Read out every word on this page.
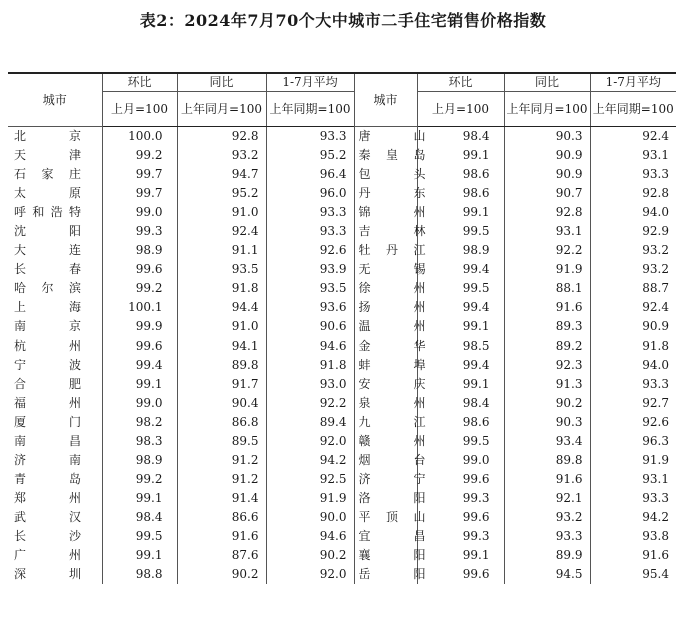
表2：2024年7月70个大中城市二手住宅销售价格指数
城市	环比	同比	1-7月平均	城市	环比	同比	1-7月平均
	上月=100	上年同月=100	上年同期=100		上月=100	上年同月=100	上年同期=100
北京	100.0	92.8	93.3	唐山	98.4	90.3	92.4
天津	99.2	93.2	95.2	秦皇岛	99.1	90.9	93.1
石家庄	99.7	94.7	96.4	包头	98.6	90.9	93.3
太原	99.7	95.2	96.0	丹东	98.6	90.7	92.8
呼和浩特	99.0	91.0	93.3	锦州	99.1	92.8	94.0
沈阳	99.3	92.4	93.3	吉林	99.5	93.1	92.9
大连	98.9	91.1	92.6	牡丹江	98.9	92.2	93.2
长春	99.6	93.5	93.9	无锡	99.4	91.9	93.2
哈尔滨	99.2	91.8	93.5	徐州	99.5	88.1	88.7
上海	100.1	94.4	93.6	扬州	99.4	91.6	92.4
南京	99.9	91.0	90.6	温州	99.1	89.3	90.9
杭州	99.6	94.1	94.6	金华	98.5	89.2	91.8
宁波	99.4	89.8	91.8	蚌埠	99.4	92.3	94.0
合肥	99.1	91.7	93.0	安庆	99.1	91.3	93.3
福州	99.0	90.4	92.2	泉州	98.4	90.2	92.7
厦门	98.2	86.8	89.4	九江	98.6	90.3	92.6
南昌	98.3	89.5	92.0	赣州	99.5	93.4	96.3
济南	98.9	91.2	94.2	烟台	99.0	89.8	91.9
青岛	99.2	91.2	92.5	济宁	99.6	91.6	93.1
郑州	99.1	91.4	91.9	洛阳	99.3	92.1	93.3
武汉	98.4	86.6	90.0	平顶山	99.6	93.2	94.2
长沙	99.5	91.6	94.6	宜昌	99.3	93.3	93.8
广州	99.1	87.6	90.2	襄阳	99.1	89.9	91.6
深圳	98.8	90.2	92.0	岳阳	99.6	94.5	95.4
